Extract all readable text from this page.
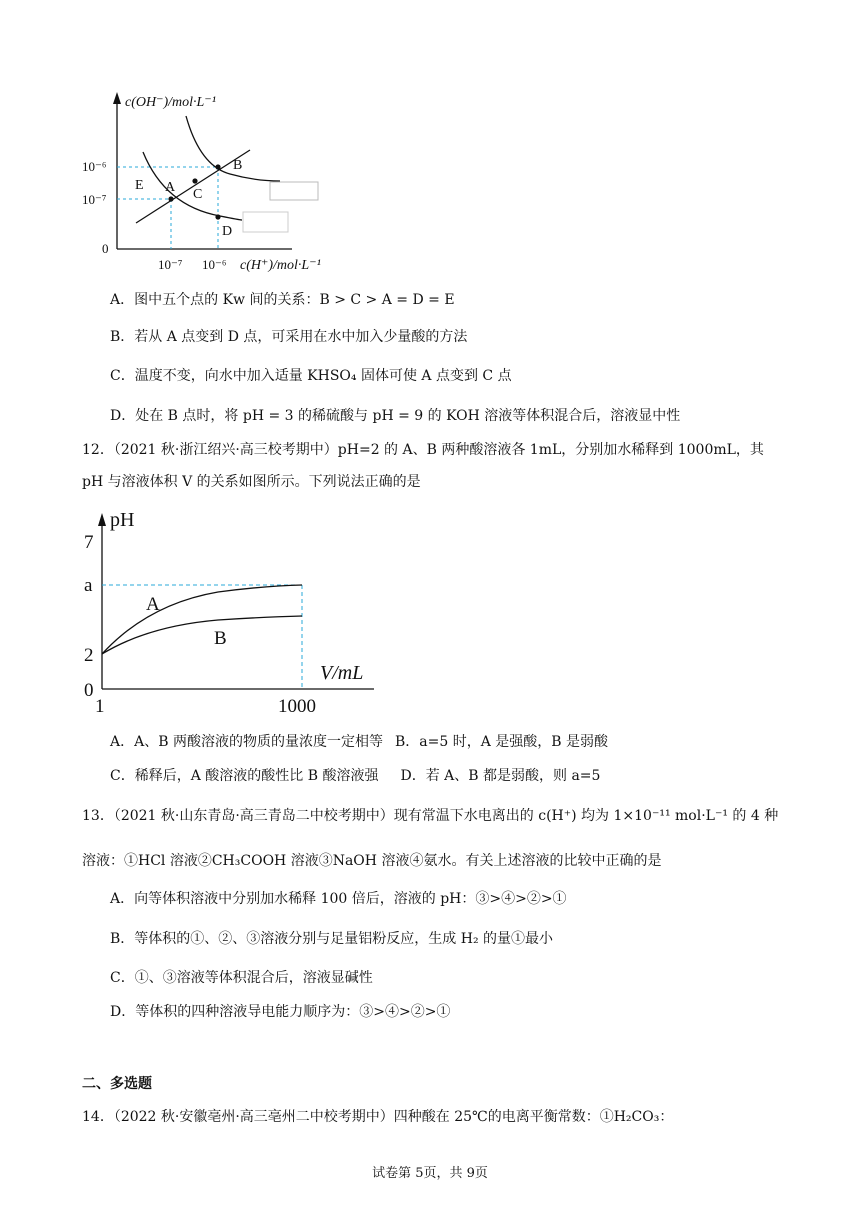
c(OH⁻)/mol·L⁻¹
10⁻⁶
10⁻⁷
0
10⁻⁷ 10⁻⁶ c(H⁺)/mol·L⁻¹
E A C
B
D
A．图中五个点的 Kw 间的关系：B > C > A = D = E
B．若从 A 点变到 D 点，可采用在水中加入少量酸的方法
C．温度不变，向水中加入适量 KHSO₄ 固体可使 A 点变到 C 点
D．处在 B 点时，将 pH = 3 的稀硫酸与 pH = 9 的 KOH 溶液等体积混合后，溶液显中性
12．（2021 秋·浙江绍兴·高三校考期中）pH=2 的 A、B 两种酸溶液各 1mL，分别加水稀释到 1000mL，其
pH 与溶液体积 V 的关系如图所示。下列说法正确的是
pH
7
a
2
0
1	1000
V/mL
A
B
A．A、B 两酸溶液的物质的量浓度一定相等 B．a=5 时，A 是强酸，B 是弱酸
C．稀释后，A 酸溶液的酸性比 B 酸溶液强 D．若 A、B 都是弱酸，则 a=5
13．（2021 秋·山东青岛·高三青岛二中校考期中）现有常温下水电离出的 c(H⁺) 均为 1×10⁻¹¹ mol·L⁻¹ 的 4 种
溶液：①HCl 溶液②CH₃COOH 溶液③NaOH 溶液④氨水。有关上述溶液的比较中正确的是
A．向等体积溶液中分别加水稀释 100 倍后，溶液的 pH：③>④>②>①
B．等体积的①、②、③溶液分别与足量铝粉反应，生成 H₂ 的量①最小
C．①、③溶液等体积混合后，溶液显碱性
D．等体积的四种溶液导电能力顺序为：③>④>②>①
二、多选题
14．（2022 秋·安徽亳州·高三亳州二中校考期中）四种酸在 25℃的电离平衡常数：①H₂CO₃：
试卷第 5页，共 9页
